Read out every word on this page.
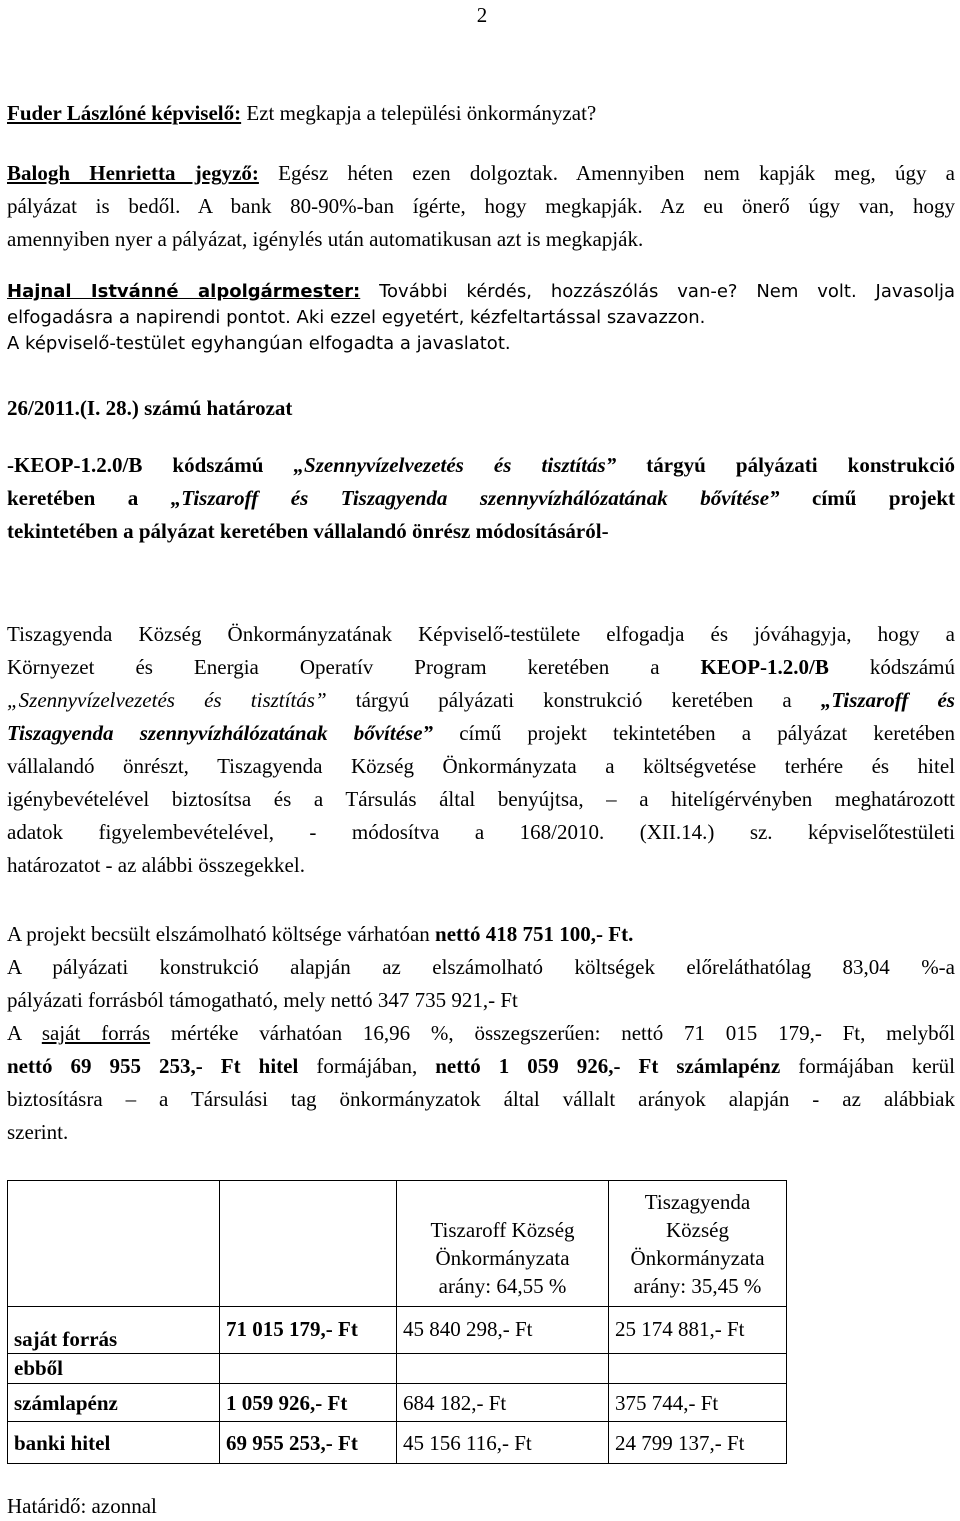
2
Fuder Lászlóné képviselő: Ezt megkapja a települési önkormányzat?
Balogh Henrietta jegyző: Egész héten ezen dolgoztak. Amennyiben nem kapják meg, úgy a
pályázat is bedől. A bank 80-90%-ban ígérte, hogy megkapják. Az eu önerő úgy van, hogy
amennyiben nyer a pályázat, igénylés után automatikusan azt is megkapják.
Hajnal Istvánné alpolgármester: További kérdés, hozzászólás van-e? Nem volt. Javasolja
elfogadásra a napirendi pontot. Aki ezzel egyetért, kézfeltartással szavazzon.
A képviselő-testület egyhangúan elfogadta a javaslatot.
26/2011.(I. 28.) számú határozat
-KEOP-1.2.0/B kódszámú „Szennyvízelvezetés és tisztítás” tárgyú pályázati konstrukció
keretében a „Tiszaroff és Tiszagyenda szennyvízhálózatának bővítése” című projekt
tekintetében a pályázat keretében vállalandó önrész módosításáról-
Tiszagyenda Község Önkormányzatának Képviselő-testülete elfogadja és jóváhagyja, hogy a
Környezet és Energia Operatív Program keretében a KEOP-1.2.0/B kódszámú
„Szennyvízelvezetés és tisztítás” tárgyú pályázati konstrukció keretében a „Tiszaroff és
Tiszagyenda szennyvízhálózatának bővítése” című projekt tekintetében a pályázat keretében
vállalandó önrészt, Tiszagyenda Község Önkormányzata a költségvetése terhére és hitel
igénybevételével biztosítsa és a Társulás által benyújtsa, – a hitelígérvényben meghatározott
adatok figyelembevételével, - módosítva a 168/2010. (XII.14.) sz. képviselőtestületi
határozatot - az alábbi összegekkel.
A projekt becsült elszámolható költsége várhatóan nettó 418 751 100,- Ft.
A pályázati konstrukció alapján az elszámolható költségek előreláthatólag 83,04 %-a
pályázati forrásból támogatható, mely nettó 347 735 921,- Ft
A saját forrás mértéke várhatóan 16,96 %, összegszerűen: nettó 71 015 179,- Ft, melyből
nettó 69 955 253,- Ft hitel formájában, nettó 1 059 926,- Ft számlapénz formájában kerül
biztosításra – a Társulási tag önkormányzatok által vállalt arányok alapján - az alábbiak
szerint.

		Tiszaroff Község
Önkormányzata
arány: 64,55 %	Tiszagyenda
Község
Önkormányzata
arány: 35,45 %

saját forrás	71 015 179,- Ft	45 840 298,- Ft	25 174 881,- Ft
ebből			
számlapénz	1 059 926,- Ft	684 182,- Ft	375 744,- Ft
banki hitel	69 955 253,- Ft	45 156 116,- Ft	24 799 137,- Ft
Határidő: azonnal
